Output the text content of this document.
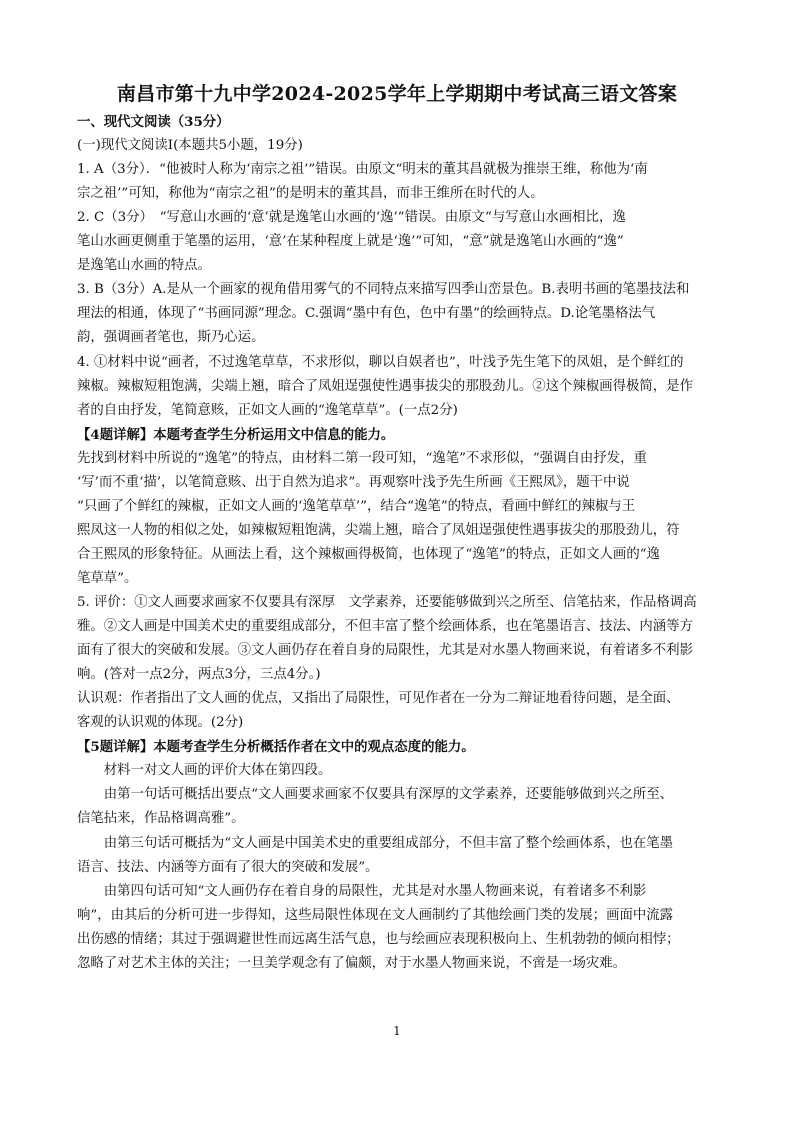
南昌市第十九中学2024-2025学年上学期期中考试高三语文答案
一、现代文阅读（35分）
(一)现代文阅读Ⅰ(本题共5小题，19分)
1. A（3分）．“他被时人称为‘南宗之祖’”错误。由原文“明末的董其昌就极为推崇王维，称他为‘南
宗之祖’”可知，称他为“南宗之祖”的是明末的董其昌，而非王维所在时代的人。
2. C（3分）　“写意山水画的‘意’就是逸笔山水画的‘逸’”错误。由原文“与写意山水画相比，逸
笔山水画更侧重于笔墨的运用，‘意’在某种程度上就是‘逸’”可知，“意”就是逸笔山水画的“逸”
是逸笔山水画的特点。
3. B（3分）A.是从一个画家的视角借用雾气的不同特点来描写四季山峦景色。B.表明书画的笔墨技法和
理法的相通，体现了“书画同源”理念。C.强调“墨中有色，色中有墨”的绘画特点。D.论笔墨格法气
韵，强调画者笔也，斯乃心运。
4. ①材料中说“画者，不过逸笔草草，不求形似，聊以自娱者也”，叶浅予先生笔下的凤姐，是个鲜红的
辣椒。辣椒短粗饱满，尖端上翘，暗合了凤姐逞强使性遇事拔尖的那股劲儿。②这个辣椒画得极简，是作
者的自由抒发，笔简意赅，正如文人画的“逸笔草草”。(一点2分)
【4题详解】本题考查学生分析运用文中信息的能力。
先找到材料中所说的“逸笔”的特点，由材料二第一段可知，“逸笔”不求形似，“强调自由抒发，重
‘写’而不重‘描’，以笔简意赅、出于自然为追求”。再观察叶浅予先生所画《王熙凤》，题干中说
“只画了个鲜红的辣椒，正如文人画的‘逸笔草草’”，结合“逸笔”的特点，看画中鲜红的辣椒与王
熙凤这一人物的相似之处，如辣椒短粗饱满，尖端上翘，暗合了凤姐逞强使性遇事拔尖的那股劲儿，符
合王熙凤的形象特征。从画法上看，这个辣椒画得极简，也体现了“逸笔”的特点，正如文人画的“逸
笔草草”。
5. 评价：①文人画要求画家不仅要具有深厚　文学素养，还要能够做到兴之所至、信笔拈来，作品格调高
雅。②文人画是中国美术史的重要组成部分，不但丰富了整个绘画体系，也在笔墨语言、技法、内涵等方
面有了很大的突破和发展。③文人画仍存在着自身的局限性，尤其是对水墨人物画来说，有着诸多不利影
响。(答对一点2分，两点3分，三点4分。)
认识观：作者指出了文人画的优点，又指出了局限性，可见作者在一分为二辩证地看待问题，是全面、
客观的认识观的体现。(2分)
【5题详解】本题考查学生分析概括作者在文中的观点态度的能力。
　　材料一对文人画的评价大体在第四段。
　　由第一句话可概括出要点“文人画要求画家不仅要具有深厚的文学素养，还要能够做到兴之所至、
信笔拈来，作品格调高雅”。
　　由第三句话可概括为“文人画是中国美术史的重要组成部分，不但丰富了整个绘画体系，也在笔墨
语言、技法、内涵等方面有了很大的突破和发展”。
　　由第四句话可知“文人画仍存在着自身的局限性，尤其是对水墨人物画来说，有着诸多不利影
响”，由其后的分析可进一步得知，这些局限性体现在文人画制约了其他绘画门类的发展；画面中流露
出伤感的情绪；其过于强调避世性而远离生活气息，也与绘画应表现积极向上、生机勃勃的倾向相悖；
忽略了对艺术主体的关注；一旦美学观念有了偏颇，对于水墨人物画来说，不啻是一场灾难。
1
